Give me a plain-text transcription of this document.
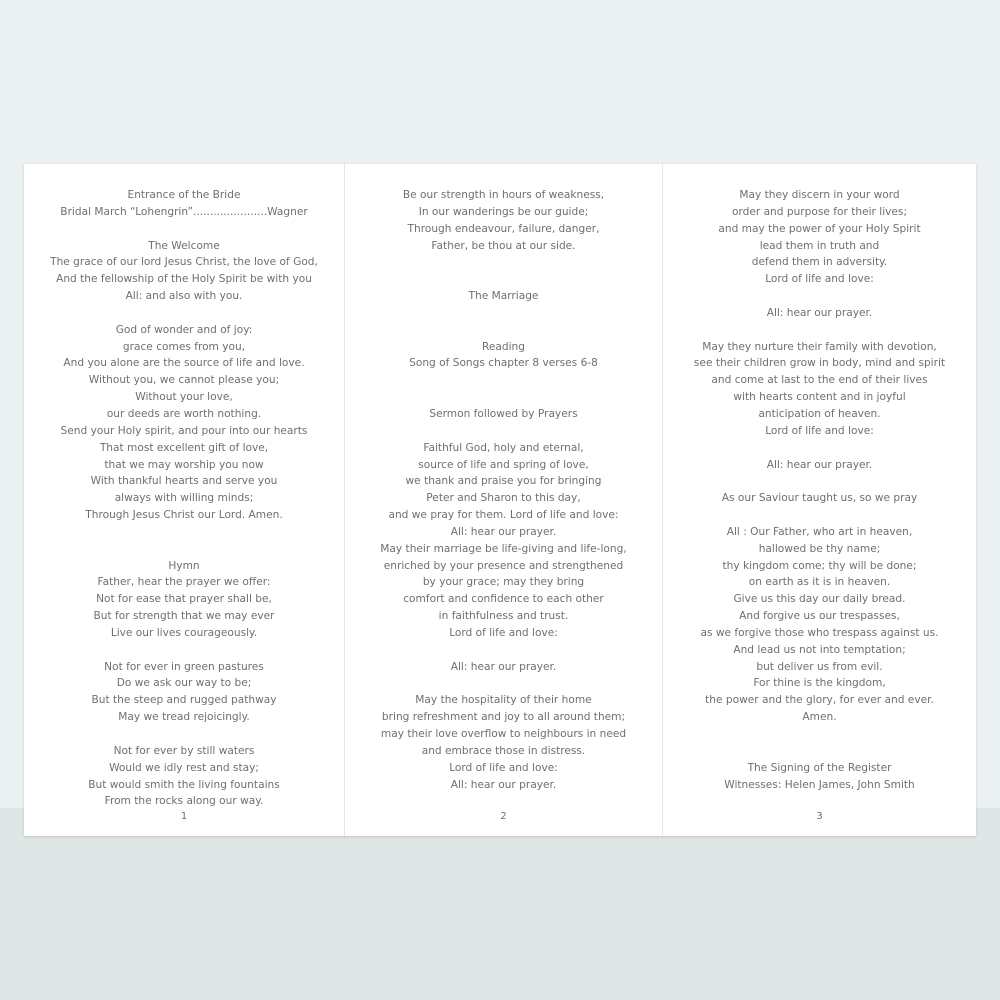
Entrance of the Bride
Bridal March “Lohengrin”......................Wagner

The Welcome
The grace of our lord Jesus Christ, the love of God,
And the fellowship of the Holy Spirit be with you
All: and also with you.

God of wonder and of joy:
grace comes from you,
And you alone are the source of life and love.
Without you, we cannot please you;
Without your love,
our deeds are worth nothing.
Send your Holy spirit, and pour into our hearts
That most excellent gift of love,
that we may worship you now
With thankful hearts and serve you
always with willing minds;
Through Jesus Christ our Lord. Amen.

Hymn
Father, hear the prayer we offer:
Not for ease that prayer shall be,
But for strength that we may ever
Live our lives courageously.

Not for ever in green pastures
Do we ask our way to be;
But the steep and rugged pathway
May we tread rejoicingly.

Not for ever by still waters
Would we idly rest and stay;
But would smith the living fountains
From the rocks along our way.
1
Be our strength in hours of weakness,
In our wanderings be our guide;
Through endeavour, failure, danger,
Father, be thou at our side.

The Marriage

Reading
Song of Songs chapter 8 verses 6-8

Sermon followed by Prayers

Faithful God, holy and eternal,
source of life and spring of love,
we thank and praise you for bringing
Peter and Sharon to this day,
and we pray for them. Lord of life and love:
All: hear our prayer.
May their marriage be life-giving and life-long,
enriched by your presence and strengthened
by your grace; may they bring
comfort and confidence to each other
in faithfulness and trust.
Lord of life and love:

All: hear our prayer.

May the hospitality of their home
bring refreshment and joy to all around them;
may their love overflow to neighbours in need
and embrace those in distress.
Lord of life and love:
All: hear our prayer.
2
May they discern in your word
order and purpose for their lives;
and may the power of your Holy Spirit
lead them in truth and
defend them in adversity.
Lord of life and love:

All: hear our prayer.

May they nurture their family with devotion,
see their children grow in body, mind and spirit
and come at last to the end of their lives
with hearts content and in joyful
anticipation of heaven.
Lord of life and love:

All: hear our prayer.

As our Saviour taught us, so we pray

All : Our Father, who art in heaven,
hallowed be thy name;
thy kingdom come; thy will be done;
on earth as it is in heaven.
Give us this day our daily bread.
And forgive us our trespasses,
as we forgive those who trespass against us.
And lead us not into temptation;
but deliver us from evil.
For thine is the kingdom,
the power and the glory, for ever and ever.
Amen.

The Signing of the Register
Witnesses: Helen James, John Smith
3
